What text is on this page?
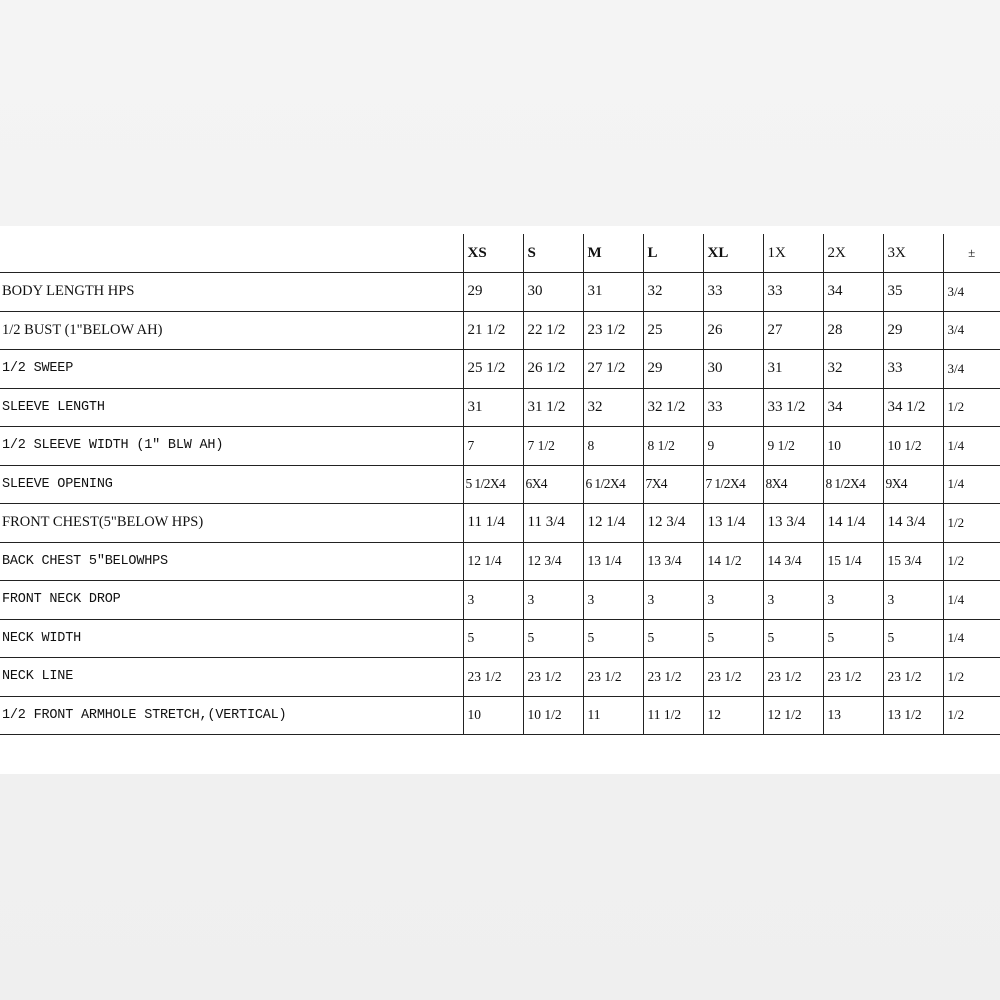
	XS	S	M	L	XL	1X	2X	3X	±
BODY LENGTH HPS	29	30	31	32	33	33	34	35	3/4
1/2 BUST (1"BELOW AH)	21 1/2	22 1/2	23 1/2	25	26	27	28	29	3/4
1/2 SWEEP	25 1/2	26 1/2	27 1/2	29	30	31	32	33	3/4
SLEEVE LENGTH	31	31 1/2	32	32 1/2	33	33 1/2	34	34 1/2	1/2
1/2 SLEEVE WIDTH (1" BLW AH)	7	7 1/2	8	8 1/2	9	9 1/2	10	10 1/2	1/4
SLEEVE OPENING	5 1/2X4	6X4	6 1/2X4	7X4	7 1/2X4	8X4	8 1/2X4	9X4	1/4
FRONT CHEST(5"BELOW HPS)	11 1/4	11 3/4	12 1/4	12 3/4	13 1/4	13 3/4	14 1/4	14 3/4	1/2
BACK CHEST 5"BELOWHPS	12 1/4	12 3/4	13 1/4	13 3/4	14 1/2	14 3/4	15 1/4	15 3/4	1/2
FRONT NECK DROP	3	3	3	3	3	3	3	3	1/4
NECK WIDTH	5	5	5	5	5	5	5	5	1/4
NECK LINE	23 1/2	23 1/2	23 1/2	23 1/2	23 1/2	23 1/2	23 1/2	23 1/2	1/2
1/2 FRONT ARMHOLE STRETCH,(VERTICAL)	10	10 1/2	11	11 1/2	12	12 1/2	13	13 1/2	1/2
